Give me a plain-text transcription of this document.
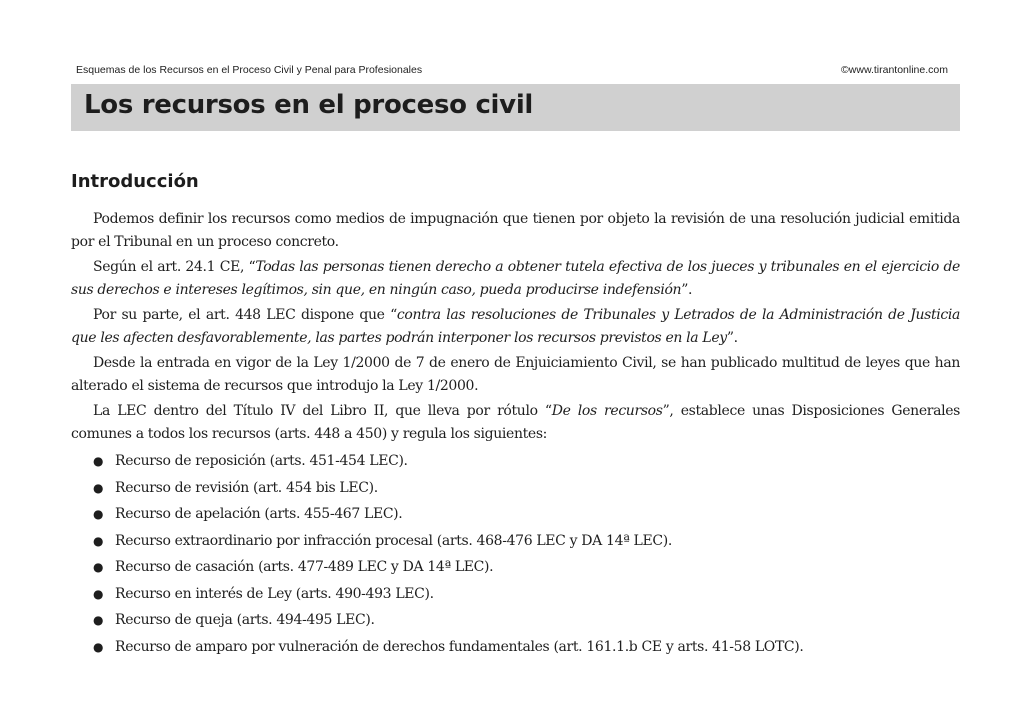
Esquemas de los Recursos en el Proceso Civil y Penal para Profesionales	©www.tirantonline.com
Los recursos en el proceso civil
Introducción

Podemos definir los recursos como medios de impugnación que tienen por objeto la revisión de una resolución judicial emitida por el Tribunal en un proceso concreto.

Según el art. 24.1 CE, “Todas las personas tienen derecho a obtener tutela efectiva de los jueces y tribunales en el ejercicio de sus derechos e intereses legítimos, sin que, en ningún caso, pueda producirse indefensión”.

Por su parte, el art. 448 LEC dispone que “contra las resoluciones de Tribunales y Letrados de la Administración de Justicia que les afecten desfavorablemente, las partes podrán interponer los recursos previstos en la Ley”.

Desde la entrada en vigor de la Ley 1/2000 de 7 de enero de Enjuiciamiento Civil, se han publicado multitud de leyes que han alterado el sistema de recursos que introdujo la Ley 1/2000.

La LEC dentro del Título IV del Libro II, que lleva por rótulo “De los recursos”, establece unas Disposiciones Generales comunes a todos los recursos (arts. 448 a 450) y regula los siguientes:

● Recurso de reposición (arts. 451-454 LEC).
● Recurso de revisión (art. 454 bis LEC).
● Recurso de apelación (arts. 455-467 LEC).
● Recurso extraordinario por infracción procesal (arts. 468-476 LEC y DA 14ª LEC).
● Recurso de casación (arts. 477-489 LEC y DA 14ª LEC).
● Recurso en interés de Ley (arts. 490-493 LEC).
● Recurso de queja (arts. 494-495 LEC).
● Recurso de amparo por vulneración de derechos fundamentales (art. 161.1.b CE y arts. 41-58 LOTC).
